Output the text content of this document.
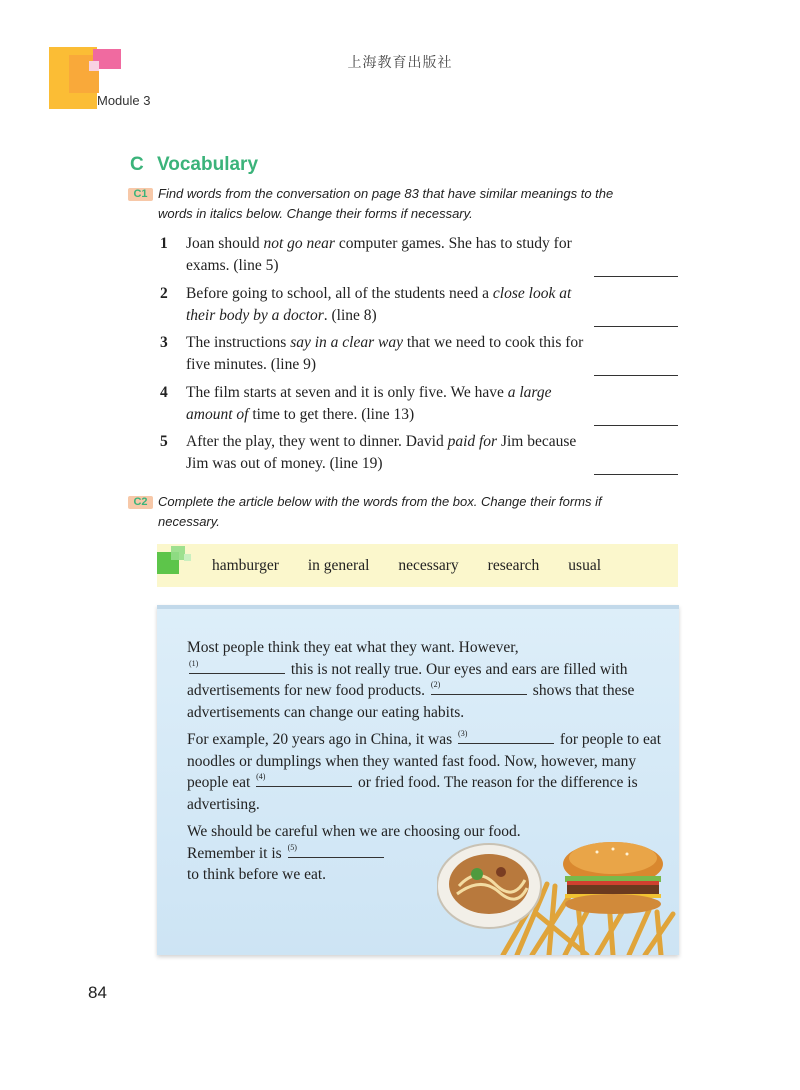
上海教育出版社
Module 3
C Vocabulary
C1 Find words from the conversation on page 83 that have similar meanings to the
words in italics below. Change their forms if necessary.
1 Joan should not go near computer games. She has to study for exams. (line 5)
2 Before going to school, all of the students need a close look at their body by a doctor. (line 8)
3 The instructions say in a clear way that we need to cook this for five minutes. (line 9)
4 The film starts at seven and it is only five. We have a large amount of time to get there. (line 13)
5 After the play, they went to dinner. David paid for Jim because Jim was out of money. (line 19)
C2 Complete the article below with the words from the box. Change their forms if
necessary.
hamburger in general necessary research usual
Most people think they eat what they want. However,

(1)	this is not really true. Our eyes and ears are filled with advertisements for new food products. (2)	shows that these advertisements can change our eating habits.
For example, 20 years ago in China, it was (3)	for people to eat noodles or dumplings when they wanted fast food. Now, however, many people eat (4)	or fried food. The reason for the difference is advertising.
We should be careful when we are choosing our food. Remember it is (5)

to think before we eat.
84
